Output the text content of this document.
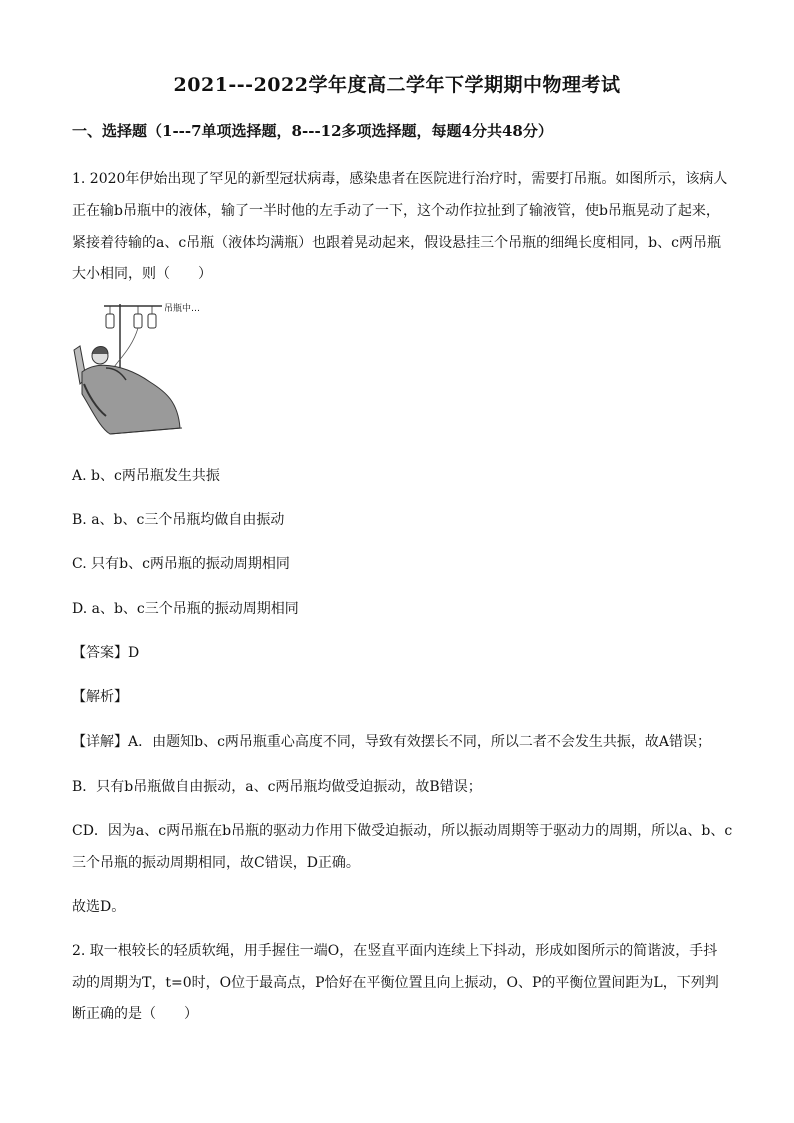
2021---2022学年度高二学年下学期期中物理考试
一、选择题（1---7单项选择题，8---12多项选择题，每题4分共48分）
1. 2020年伊始出现了罕见的新型冠状病毒，感染患者在医院进行治疗时，需要打吊瓶。如图所示，该病人
正在输b吊瓶中的液体，输了一半时他的左手动了一下，这个动作拉扯到了输液管，使b吊瓶晃动了起来，
紧接着待输的a、c吊瓶（液体均满瓶）也跟着晃动起来，假设悬挂三个吊瓶的细绳长度相同，b、c两吊瓶
大小相同，则（　　）
吊瓶中…
A. b、c两吊瓶发生共振
B. a、b、c三个吊瓶均做自由振动
C. 只有b、c两吊瓶的振动周期相同
D. a、b、c三个吊瓶的振动周期相同
【答案】D
【解析】
【详解】A．由题知b、c两吊瓶重心高度不同，导致有效摆长不同，所以二者不会发生共振，故A错误；
B．只有b吊瓶做自由振动，a、c两吊瓶均做受迫振动，故B错误；
CD．因为a、c两吊瓶在b吊瓶的驱动力作用下做受迫振动，所以振动周期等于驱动力的周期，所以a、b、c
三个吊瓶的振动周期相同，故C错误，D正确。
故选D。
2. 取一根较长的轻质软绳，用手握住一端O，在竖直平面内连续上下抖动，形成如图所示的简谐波，手抖
动的周期为T，t=0时，O位于最高点，P恰好在平衡位置且向上振动，O、P的平衡位置间距为L，下列判
断正确的是（　　）
